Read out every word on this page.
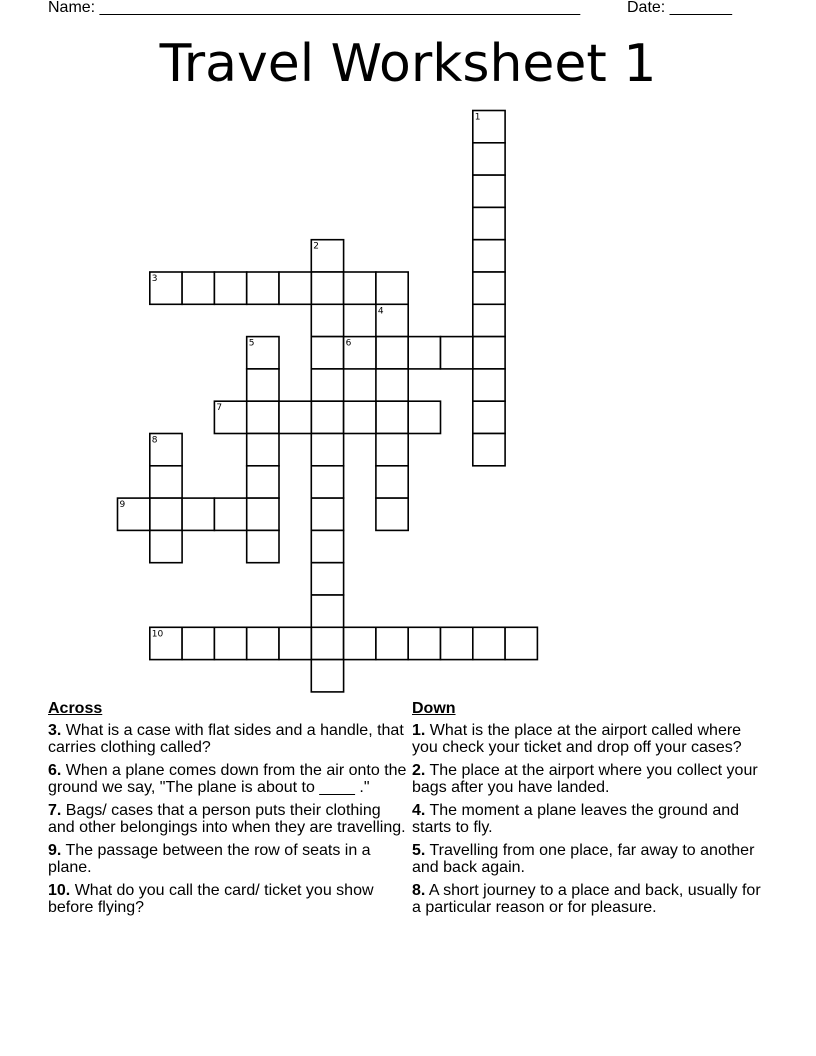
Name: ______________________________________________________	Date: _______
Travel Worksheet 1
1
2
3
4
5	6
7
8
9
10
Across
3. What is a case with flat sides and a handle, that carries clothing called?
6. When a plane comes down from the air onto the ground we say, "The plane is about to ____ ."
7. Bags/ cases that a person puts their clothing and other belongings into when they are travelling.
9. The passage between the row of seats in a plane.
10. What do you call the card/ ticket you show before flying?
Down
1. What is the place at the airport called where you check your ticket and drop off your cases?
2. The place at the airport where you collect your bags after you have landed.
4. The moment a plane leaves the ground and starts to fly.
5. Travelling from one place, far away to another and back again.
8. A short journey to a place and back, usually for a particular reason or for pleasure.
